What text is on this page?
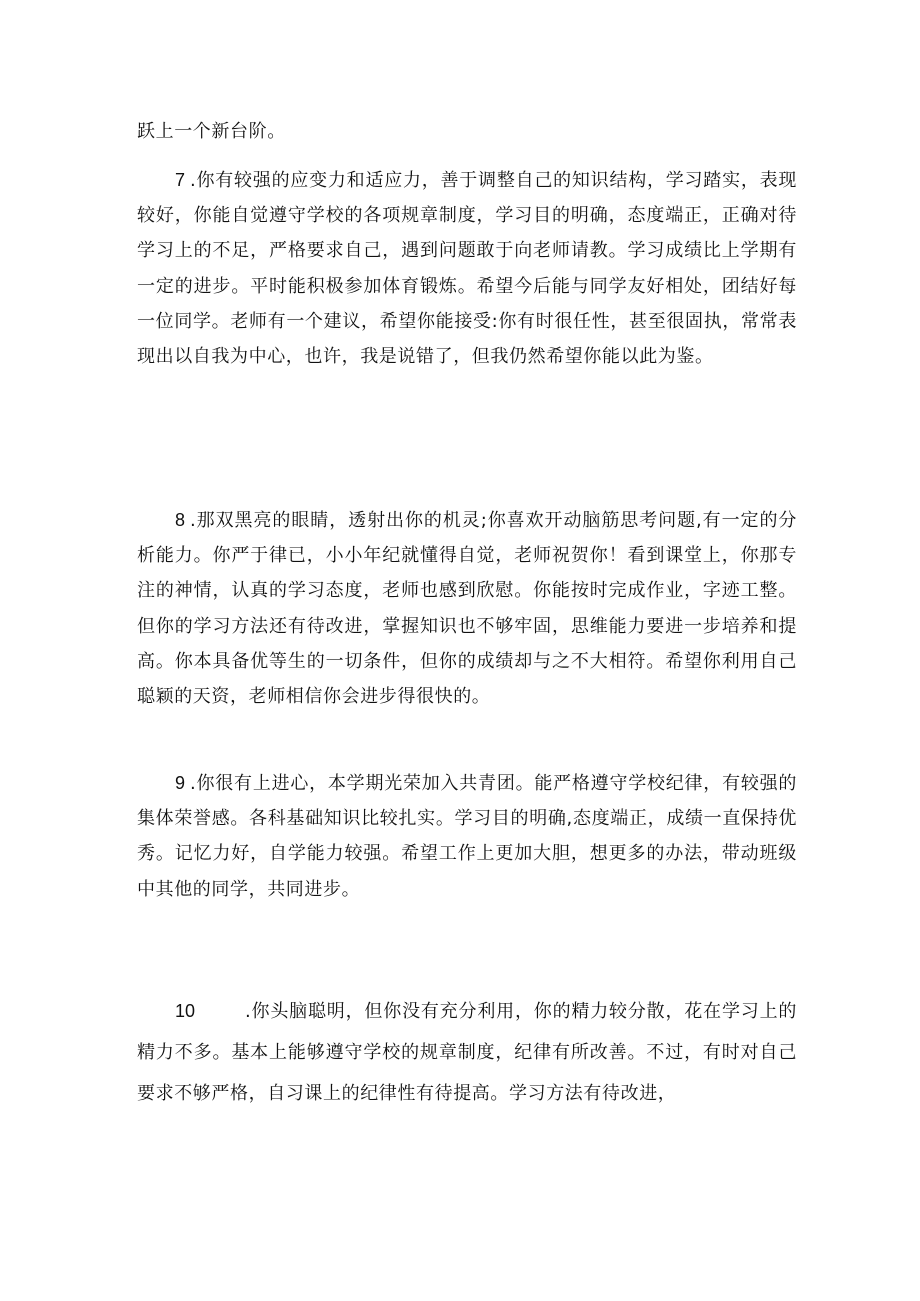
跃上一个新台阶。

7 .你有较强的应变力和适应力，善于调整自己的知识结构，学习踏实，表现较好，你能自觉遵守学校的各项规章制度，学习目的明确，态度端正，正确对待学习上的不足，严格要求自己，遇到问题敢于向老师请教。学习成绩比上学期有一定的进步。平时能积极参加体育锻炼。希望今后能与同学友好相处，团结好每一位同学。老师有一个建议，希望你能接受:你有时很任性，甚至很固执，常常表现出以自我为中心，也许，我是说错了，但我仍然希望你能以此为鉴。

8 .那双黑亮的眼睛，透射出你的机灵;你喜欢开动脑筋思考问题,有一定的分析能力。你严于律已，小小年纪就懂得自觉，老师祝贺你！看到课堂上，你那专注的神情，认真的学习态度，老师也感到欣慰。你能按时完成作业，字迹工整。但你的学习方法还有待改进，掌握知识也不够牢固，思维能力要进一步培养和提高。你本具备优等生的一切条件，但你的成绩却与之不大相符。希望你利用自己聪颖的天资，老师相信你会进步得很快的。

9 .你很有上进心，本学期光荣加入共青团。能严格遵守学校纪律，有较强的集体荣誉感。各科基础知识比较扎实。学习目的明确,态度端正，成绩一直保持优秀。记忆力好，自学能力较强。希望工作上更加大胆，想更多的办法，带动班级中其他的同学，共同进步。

10	.你头脑聪明，但你没有充分利用，你的精力较分散，花在学习上的精力不多。基本上能够遵守学校的规章制度，纪律有所改善。不过，有时对自己要求不够严格，自习课上的纪律性有待提高。学习方法有待改进，
